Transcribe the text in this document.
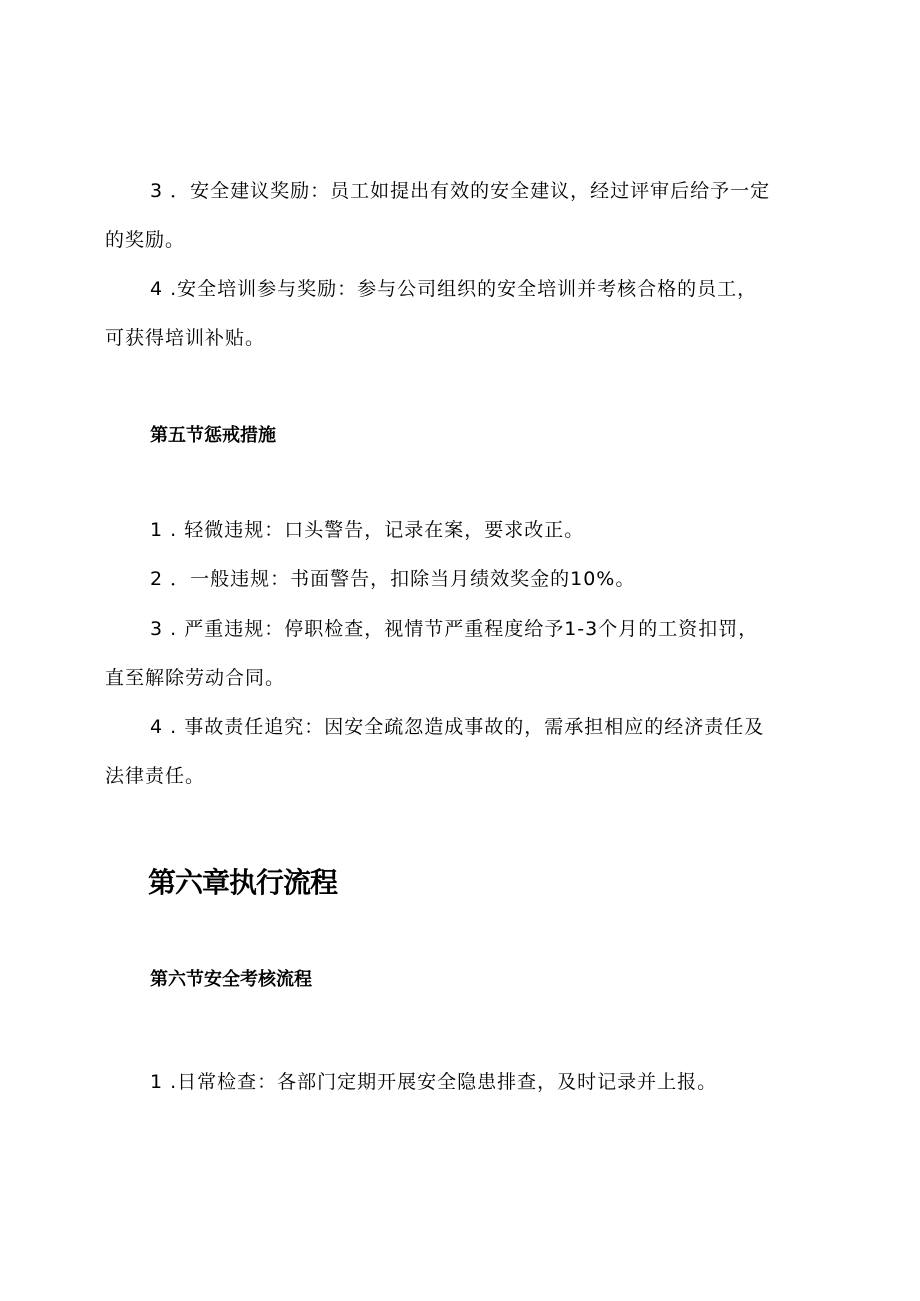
3 ．安全建议奖励：员工如提出有效的安全建议，经过评审后给予一定
的奖励。
4 .安全培训参与奖励：参与公司组织的安全培训并考核合格的员工，
可获得培训补贴。
第五节惩戒措施
1 . 轻微违规：口头警告，记录在案，要求改正。
2 ．一般违规：书面警告，扣除当月绩效奖金的10%。
3 . 严重违规：停职检查，视情节严重程度给予1-3个月的工资扣罚，
直至解除劳动合同。
4 . 事故责任追究：因安全疏忽造成事故的，需承担相应的经济责任及
法律责任。
第六章执行流程
第六节安全考核流程
1 .日常检查：各部门定期开展安全隐患排查，及时记录并上报。
